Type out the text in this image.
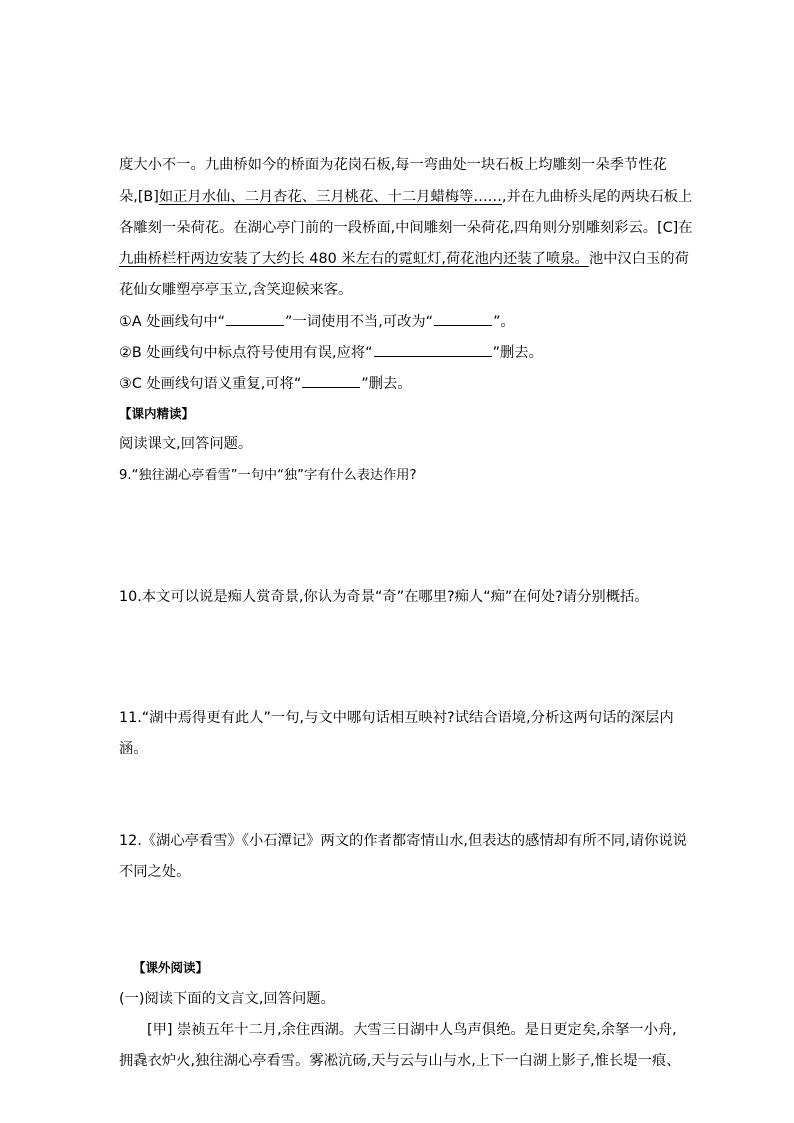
度大小不一。九曲桥如今的桥面为花岗石板,每一弯曲处一块石板上均雕刻一朵季节性花
朵,[B]如正月水仙、二月杏花、三月桃花、十二月蜡梅等……,并在九曲桥头尾的两块石板上
各雕刻一朵荷花。在湖心亭门前的一段桥面,中间雕刻一朵荷花,四角则分别雕刻彩云。[C]在
九曲桥栏杆两边安装了大约长 480 米左右的霓虹灯,荷花池内还装了喷泉。池中汉白玉的荷
花仙女雕塑亭亭玉立,含笑迎候来客。
①A 处画线句中“	”一词使用不当,可改为“	”。
②B 处画线句中标点符号使用有误,应将“	”删去。
③C 处画线句语义重复,可将“	”删去。
【课内精读】
阅读课文,回答问题。
9.“独往湖心亭看雪”一句中“独”字有什么表达作用?
10.本文可以说是痴人赏奇景,你认为奇景“奇”在哪里?痴人“痴”在何处?请分别概括。
11.“湖中焉得更有此人”一句,与文中哪句话相互映衬?试结合语境,分析这两句话的深层内
涵。
12.《湖心亭看雪》《小石潭记》两文的作者都寄情山水,但表达的感情却有所不同,请你说说
不同之处。
【课外阅读】
(一)阅读下面的文言文,回答问题。
[甲] 崇祯五年十二月,余住西湖。大雪三日湖中人鸟声俱绝。是日更定矣,余拏一小舟,
拥毳衣炉火,独往湖心亭看雪。雾凇沆砀,天与云与山与水,上下一白湖上影子,惟长堤一痕、
